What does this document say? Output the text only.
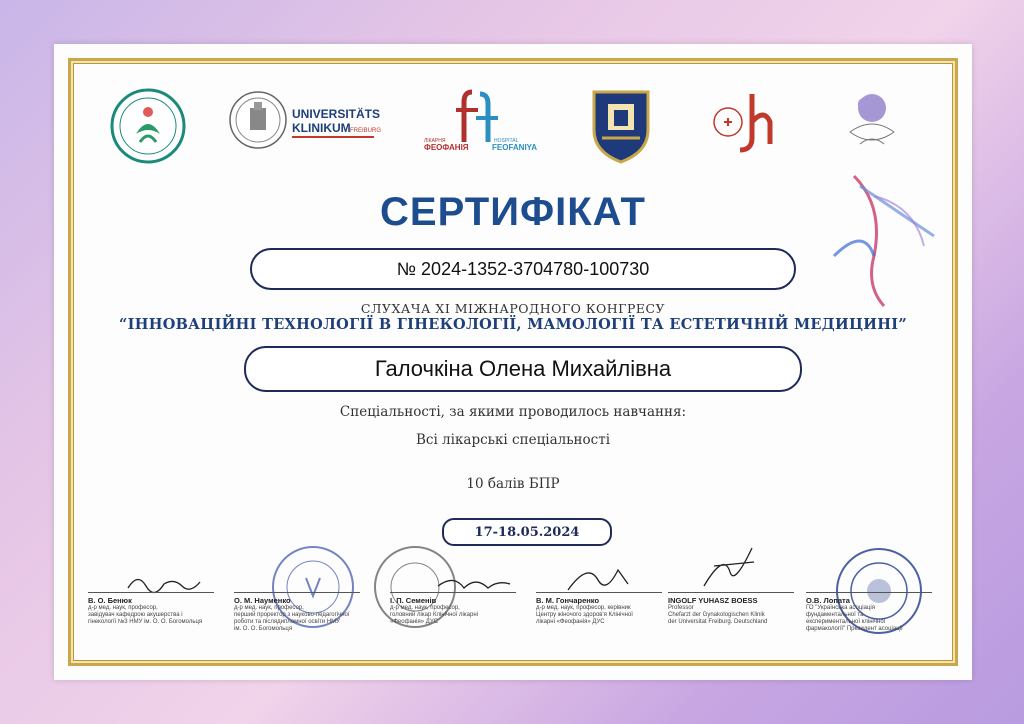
UNIVERSITÄTS
KLINIKUM FREIBURG
ЛІКАРНЯ
ФЕОФАНІЯ
HOSPITAL
FEOFANIYA
СЕРТИФІКАТ
№ 2024-1352-3704780-100730
СЛУХАЧА ХІ МІЖНАРОДНОГО КОНГРЕСУ
“ІННОВАЦІЙНІ ТЕХНОЛОГІЇ В ГІНЕКОЛОГІЇ, МАМОЛОГІЇ ТА ЕСТЕТИЧНІЙ МЕДИЦИНІ”
Галочкіна Олена Михайлівна
Спеціальності, за якими проводилось навчання:
Всі лікарські спеціальності
10 балів БПР
17-18.05.2024
В. О. Бенюк
д-р мед. наук, професор,
завідувач кафедрою акушерства і
гінекології №3 НМУ ім. О. О. Богомольця
О. М. Науменко
д-р мед. наук, професор,
перший проректор з науково-педагогічної
роботи та післядипломної освіти НМУ
ім. О. О. Богомольця
І. П. Семенів
д-р мед. наук, професор,
головний лікар Клінічної лікарні
«Феофанія» ДУС
В. М. Гончаренко
д-р мед. наук, професор, керівник
Центру жіночого здоров'я Клінічної
лікарні «Феофанія» ДУС
INGOLF YUHASZ BOESS
Professor
Chefarzt der Gynakologischen Klinik
der Universitat Freiburg. Deutschland
О.В. Лопата
ГО "Українська асоціація
фундаментальної та
експериментальної клінічної
фармакології" Президент асоціації
